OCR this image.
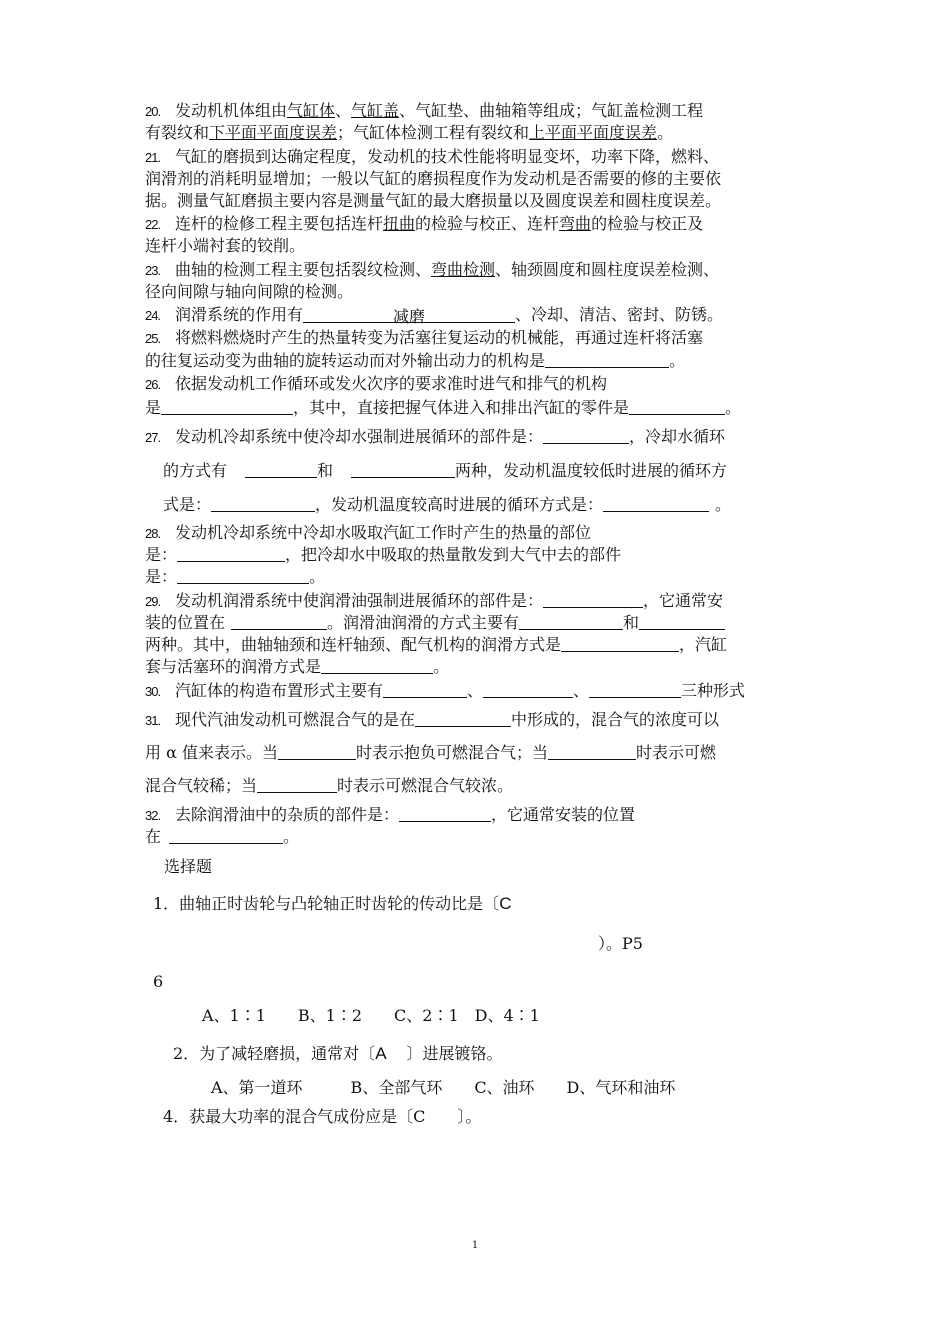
20. 发动机机体组由气缸体、气缸盖、气缸垫、曲轴箱等组成；气缸盖检测工程
有裂纹和下平面平面度误差；气缸体检测工程有裂纹和上平面平面度误差。
21. 气缸的磨损到达确定程度，发动机的技术性能将明显变坏，功率下降，燃料、
润滑剂的消耗明显增加；一般以气缸的磨损程度作为发动机是否需要的修的主要依
据。测量气缸磨损主要内容是测量气缸的最大磨损量以及圆度误差和圆柱度误差。
22. 连杆的检修工程主要包括连杆扭曲的检验与校正、连杆弯曲的检验与校正及
连杆小端衬套的铰削。
23. 曲轴的检测工程主要包括裂纹检测、弯曲检测、轴颈圆度和圆柱度误差检测、
径向间隙与轴向间隙的检测。
24. 润滑系统的作用有	减磨	、冷却、清洁、密封、防锈。
25. 将燃料燃烧时产生的热量转变为活塞往复运动的机械能，再通过连杆将活塞
的往复运动变为曲轴的旋转运动而对外输出动力的机构是	。
26. 依据发动机工作循环或发火次序的要求准时进气和排气的机构
是	，其中，直接把握气体进入和排出汽缸的零件是	。
27. 发动机冷却系统中使冷却水强制进展循环的部件是：	，冷却水循环
的方式有	和	两种，发动机温度较低时进展的循环方
式是：	，发动机温度较高时进展的循环方式是：	。
28. 发动机冷却系统中冷却水吸取汽缸工作时产生的热量的部位
是：	，把冷却水中吸取的热量散发到大气中去的部件
是：	。
29. 发动机润滑系统中使润滑油强制进展循环的部件是：	，它通常安
装的位置在	。润滑油润滑的方式主要有	和
两种。其中，曲轴轴颈和连杆轴颈、配气机构的润滑方式是	，汽缸
套与活塞环的润滑方式是	。
30. 汽缸体的构造布置形式主要有	、	、	三种形式
31. 现代汽油发动机可燃混合气的是在	中形成的，混合气的浓度可以
用 α 值来表示。当	时表示抱负可燃混合气；当	时表示可燃
混合气较稀；当	时表示可燃混合气较浓。
32. 去除润滑油中的杂质的部件是：	，它通常安装的位置
在	。
选择题
1．曲轴正时齿轮与凸轮轴正时齿轮的传动比是〔C
）。P5
6
A、1∶1　　B、1∶2　　C、2∶1　D、4∶1
2．为了减轻磨损，通常对〔A 〕进展镀铬。
A、第一道环　　　B、全部气环　　C、油环　　D、气环和油环
4．获最大功率的混合气成份应是〔C　　〕。
1
